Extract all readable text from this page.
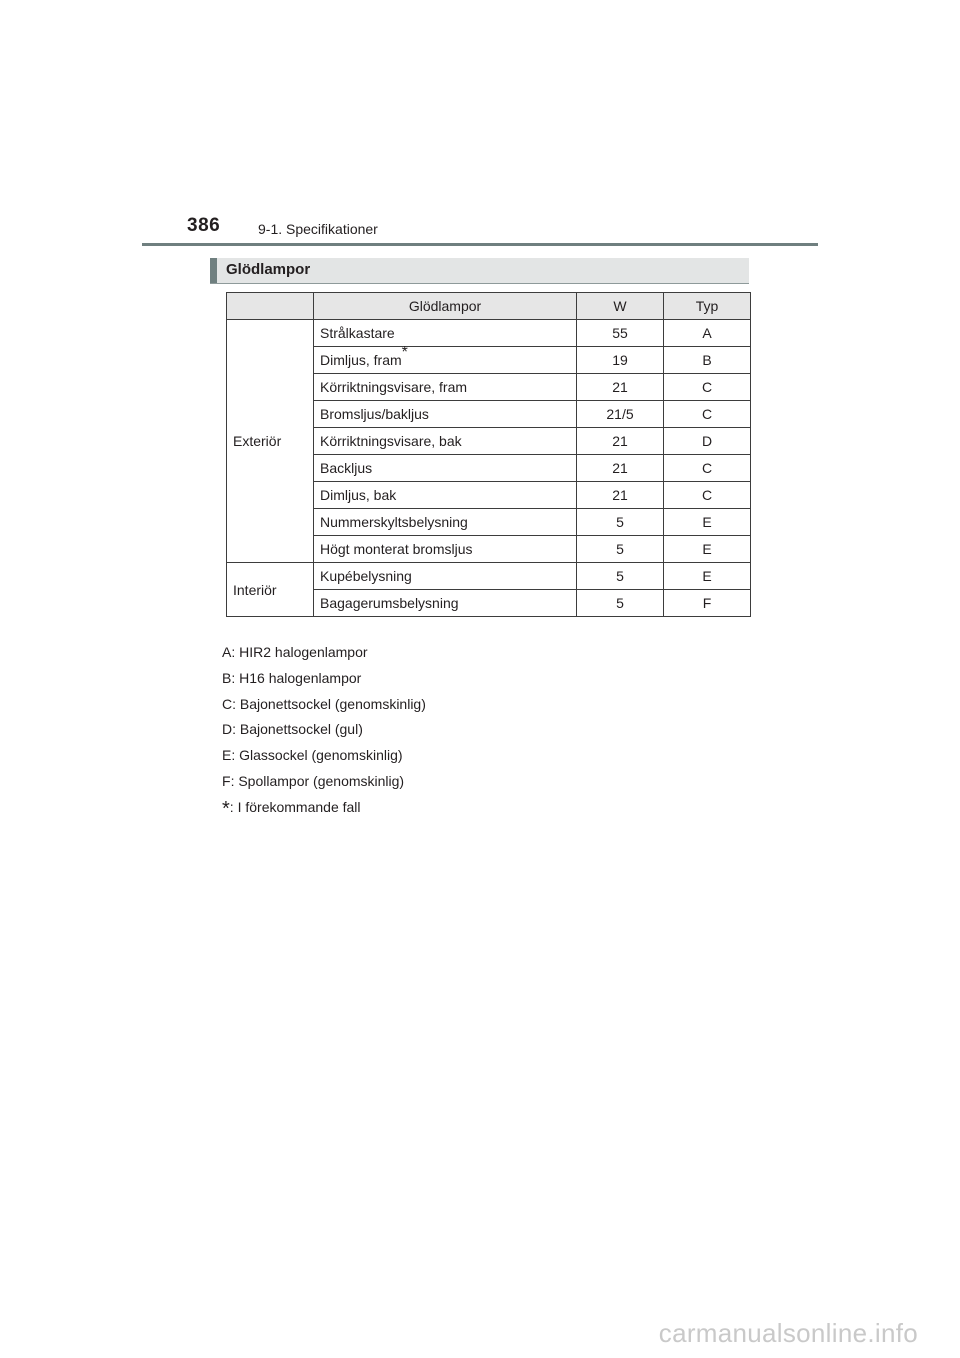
386	9-1. Specifikationer
Glödlampor
	Glödlampor	W	Typ
Exteriör	Strålkastare	55	A
	Dimljus, fram*	19	B
	Körriktningsvisare, fram	21	C
	Bromsljus/bakljus	21/5	C
	Körriktningsvisare, bak	21	D
	Backljus	21	C
	Dimljus, bak	21	C
	Nummerskyltsbelysning	5	E
	Högt monterat bromsljus	5	E
Interiör	Kupébelysning	5	E
	Bagagerumsbelysning	5	F
A: HIR2 halogenlampor
B: H16 halogenlampor
C: Bajonettsockel (genomskinlig)
D: Bajonettsockel (gul)
E: Glassockel (genomskinlig)
F: Spollampor (genomskinlig)
*: I förekommande fall
carmanualsonline.info
